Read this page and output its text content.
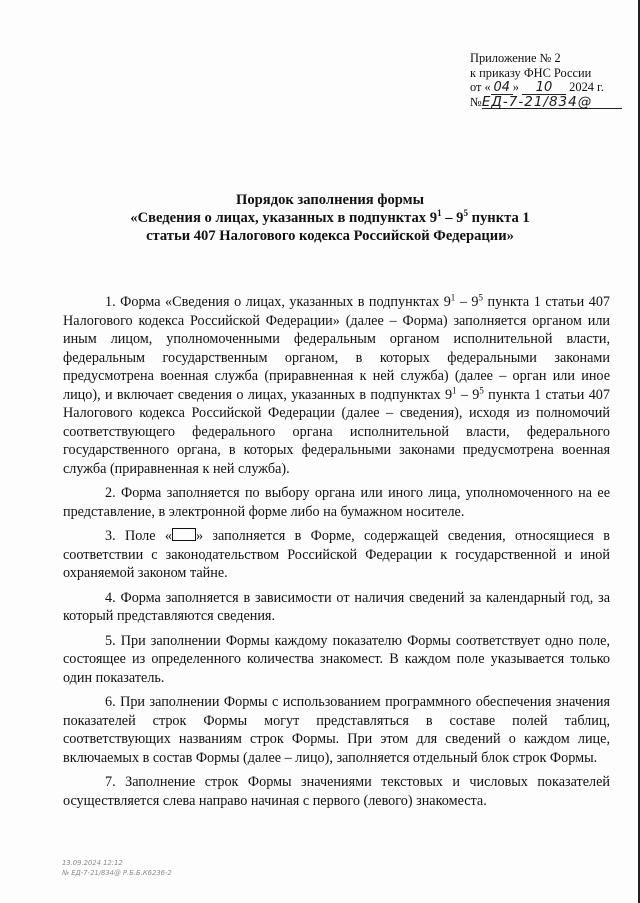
Приложение № 2
к приказу ФНС России
от « 04 » 10 2024 г.
№ЕД-7-21/834@
Порядок заполнения формы
«Сведения о лицах, указанных в подпунктах $9^1 - 9^5$ пункта 1
статьи 407 Налогового кодекса Российской Федерации»

1. Форма «Сведения о лицах, указанных в подпунктах $9^1 - 9^5$ пункта 1 статьи 407 Налогового кодекса Российской Федерации» (далее – Форма) заполняется органом или иным лицом, уполномоченными федеральным органом исполнительной власти, федеральным государственным органом, в которых федеральными законами предусмотрена военная служба (приравненная к ней служба) (далее – орган или иное лицо), и включает сведения о лицах, указанных в подпунктах $9^1 - 9^5$ пункта 1 статьи 407 Налогового кодекса Российской Федерации (далее – сведения), исходя из полномочий соответствующего федерального органа исполнительной власти, федерального государственного органа, в которых федеральными законами предусмотрена военная служба (приравненная к ней служба).

2. Форма заполняется по выбору органа или иного лица, уполномоченного на ее представление, в электронной форме либо на бумажном носителе.

3. Поле « » заполняется в Форме, содержащей сведения, относящиеся в соответствии с законодательством Российской Федерации к государственной и иной охраняемой законом тайне.

4. Форма заполняется в зависимости от наличия сведений за календарный год, за который представляются сведения.

5. При заполнении Формы каждому показателю Формы соответствует одно поле, состоящее из определенного количества знакомест. В каждом поле указывается только один показатель.

6. При заполнении Формы с использованием программного обеспечения значения показателей строк Формы могут представляться в составе полей таблиц, соответствующих названиям строк Формы. При этом для сведений о каждом лице, включаемых в состав Формы (далее – лицо), заполняется отдельный блок строк Формы.

7. Заполнение строк Формы значениями текстовых и числовых показателей осуществляется слева направо начиная с первого (левого) знакоместа.

13.09.2024 12:12
№ ЕД-7-21/834@ Р.Б.Б.К6236-2
